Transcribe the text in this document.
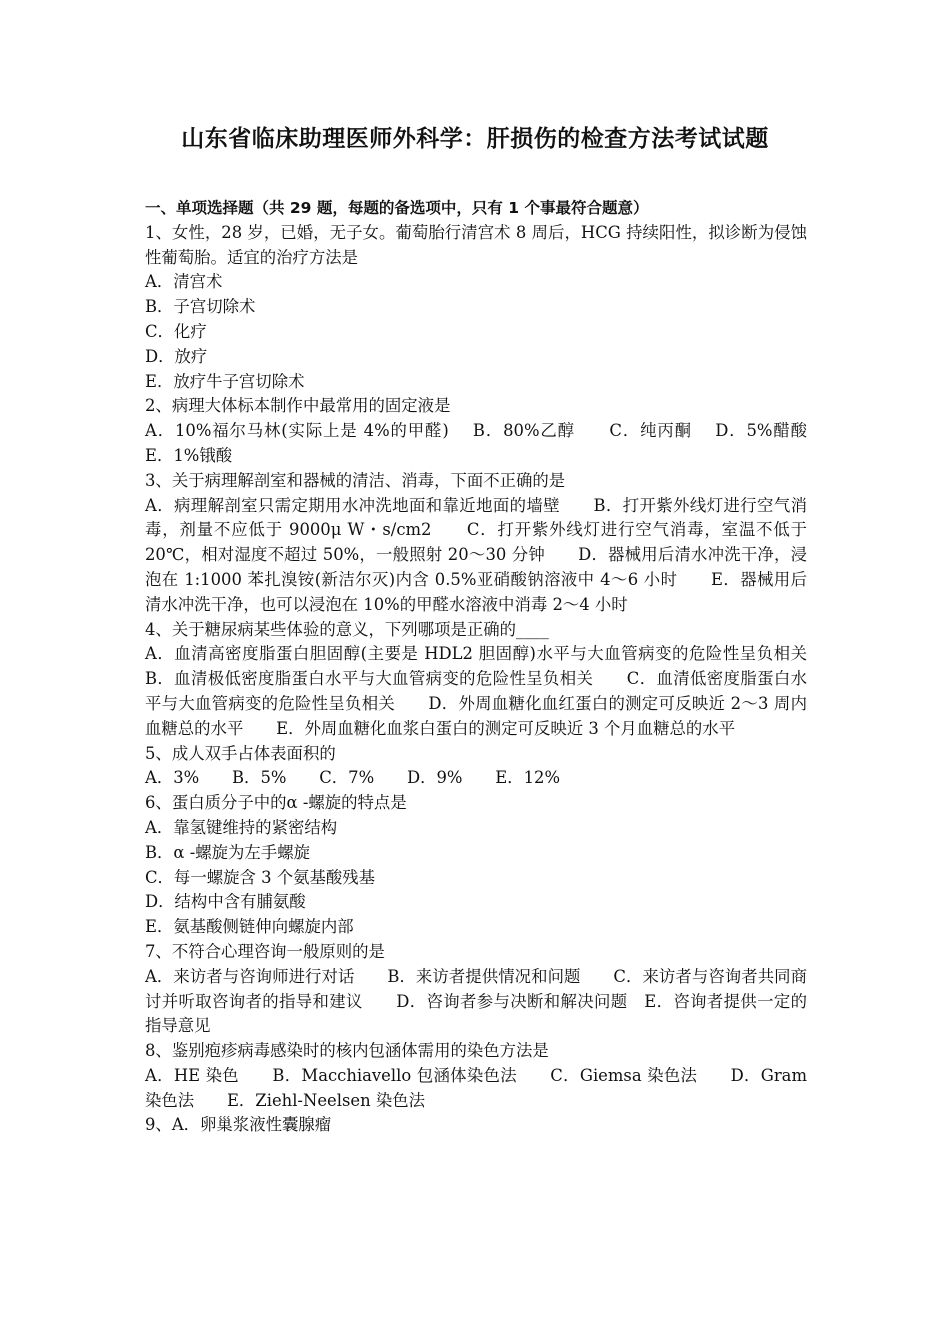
山东省临床助理医师外科学：肝损伤的检查方法考试试题

一、单项选择题（共 29 题，每题的备选项中，只有 1 个事最符合题意）

1、女性，28 岁，已婚，无子女。葡萄胎行清宫术 8 周后，HCG 持续阳性，拟诊断为侵蚀性葡萄胎。适宜的治疗方法是

A．清宫术

B．子宫切除术

C．化疗

D．放疗

E．放疗牛子宫切除术

2、病理大体标本制作中最常用的固定液是

A．10%福尔马林(实际上是 4%的甲醛)　 B．80%乙醇　　C．纯丙酮　 D．5%醋酸　　E．1%锇酸

3、关于病理解剖室和器械的清洁、消毒，下面不正确的是

A．病理解剖室只需定期用水冲洗地面和靠近地面的墙壁　　B．打开紫外线灯进行空气消毒，剂量不应低于 9000μ W・s/cm2　　C．打开紫外线灯进行空气消毒，室温不低于 20℃，相对湿度不超过 50%，一般照射 20～30 分钟　　D．器械用后清水冲洗干净，浸泡在 1:1000 苯扎溴铵(新洁尔灭)内含 0.5%亚硝酸钠溶液中 4～6 小时　　E．器械用后清水冲洗干净，也可以浸泡在 10%的甲醛水溶液中消毒 2～4 小时

4、关于糖尿病某些体验的意义，下列哪项是正确的____

A．血清高密度脂蛋白胆固醇(主要是 HDL2 胆固醇)水平与大血管病变的危险性呈负相关　　B．血清极低密度脂蛋白水平与大血管病变的危险性呈负相关　　C．血清低密度脂蛋白水平与大血管病变的危险性呈负相关　　D．外周血糖化血红蛋白的测定可反映近 2～3 周内血糖总的水平　　E．外周血糖化血浆白蛋白的测定可反映近 3 个月血糖总的水平

5、成人双手占体表面积的

A．3%　　B．5%　　C．7%　　D．9%　　E．12%

6、蛋白质分子中的α -螺旋的特点是

A．靠氢键维持的紧密结构

B．α -螺旋为左手螺旋

C．每一螺旋含 3 个氨基酸残基

D．结构中含有脯氨酸

E．氨基酸侧链伸向螺旋内部

7、不符合心理咨询一般原则的是

A．来访者与咨询师进行对话　　B．来访者提供情况和问题　　C．来访者与咨询者共同商讨并听取咨询者的指导和建议　　D．咨询者参与决断和解决问题　E．咨询者提供一定的指导意见

8、鉴别疱疹病毒感染时的核内包涵体需用的染色方法是

A．HE 染色　　B．Macchiavello 包涵体染色法　　C．Giemsa 染色法　　D．Gram 染色法　　E．Ziehl-Neelsen 染色法

9、A．卵巢浆液性囊腺瘤
